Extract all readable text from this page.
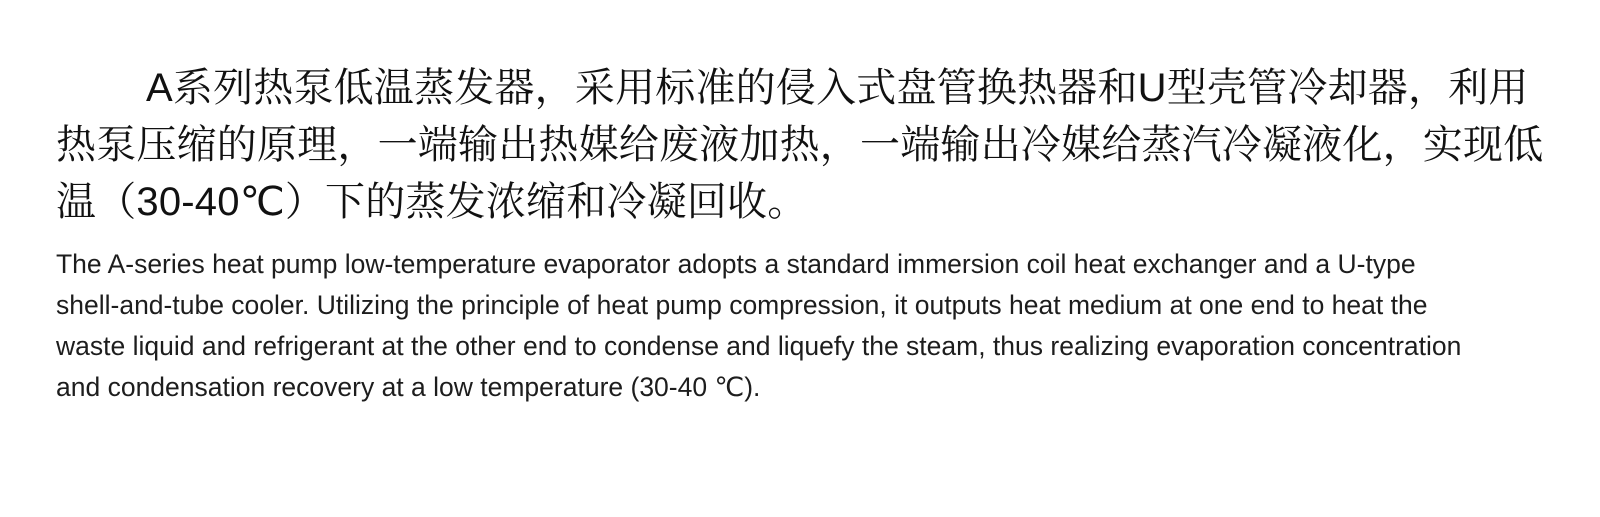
A系列热泵低温蒸发器，采用标准的侵入式盘管换热器和U型壳管冷却器，利用热泵压缩的原理，一端输出热媒给废液加热，一端输出冷媒给蒸汽冷凝液化，实现低温（30-40℃）下的蒸发浓缩和冷凝回收。

The A-series heat pump low-temperature evaporator adopts a standard immersion coil heat exchanger and a U-type shell-and-tube cooler. Utilizing the principle of heat pump compression, it outputs heat medium at one end to heat the waste liquid and refrigerant at the other end to condense and liquefy the steam, thus realizing evaporation concentration and condensation recovery at a low temperature (30-40 ℃).
